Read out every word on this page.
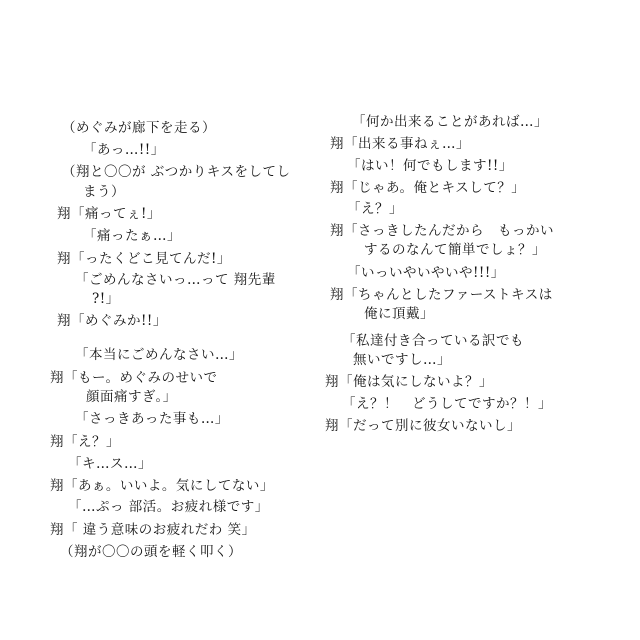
（めぐみが廊下を走る）
「あっ…!!」
（翔と〇〇が ぶつかりキスをしてし
まう）
翔「痛ってぇ!」
「痛ったぁ…」
翔「ったくどこ見てんだ!」
「ごめんなさいっ…って 翔先輩
?!」
翔「めぐみか!!」
「本当にごめんなさい…」
翔「もー。めぐみのせいで
顔面痛すぎ。」
「さっきあった事も…」
翔「え？」
「キ…ス…」
翔「あぁ。いいよ。気にしてない」
「…ぷっ 部活。お疲れ様です」
翔「 違う意味のお疲れだわ 笑」
（翔が〇〇の頭を軽く叩く）
「何か出来ることがあれば…」
翔「出来る事ねぇ…」
「はい！何でもします!!」
翔「じゃあ。俺とキスして？」
「え？」
翔「さっきしたんだから　もっかい
するのなんて簡単でしょ？」
「いっいやいやいや!!!」
翔「ちゃんとしたファーストキスは
俺に頂戴」
「私達付き合っている訳でも
無いですし…」
翔「俺は気にしないよ？」
「え？！　どうしてですか？！」
翔「だって別に彼女いないし」
